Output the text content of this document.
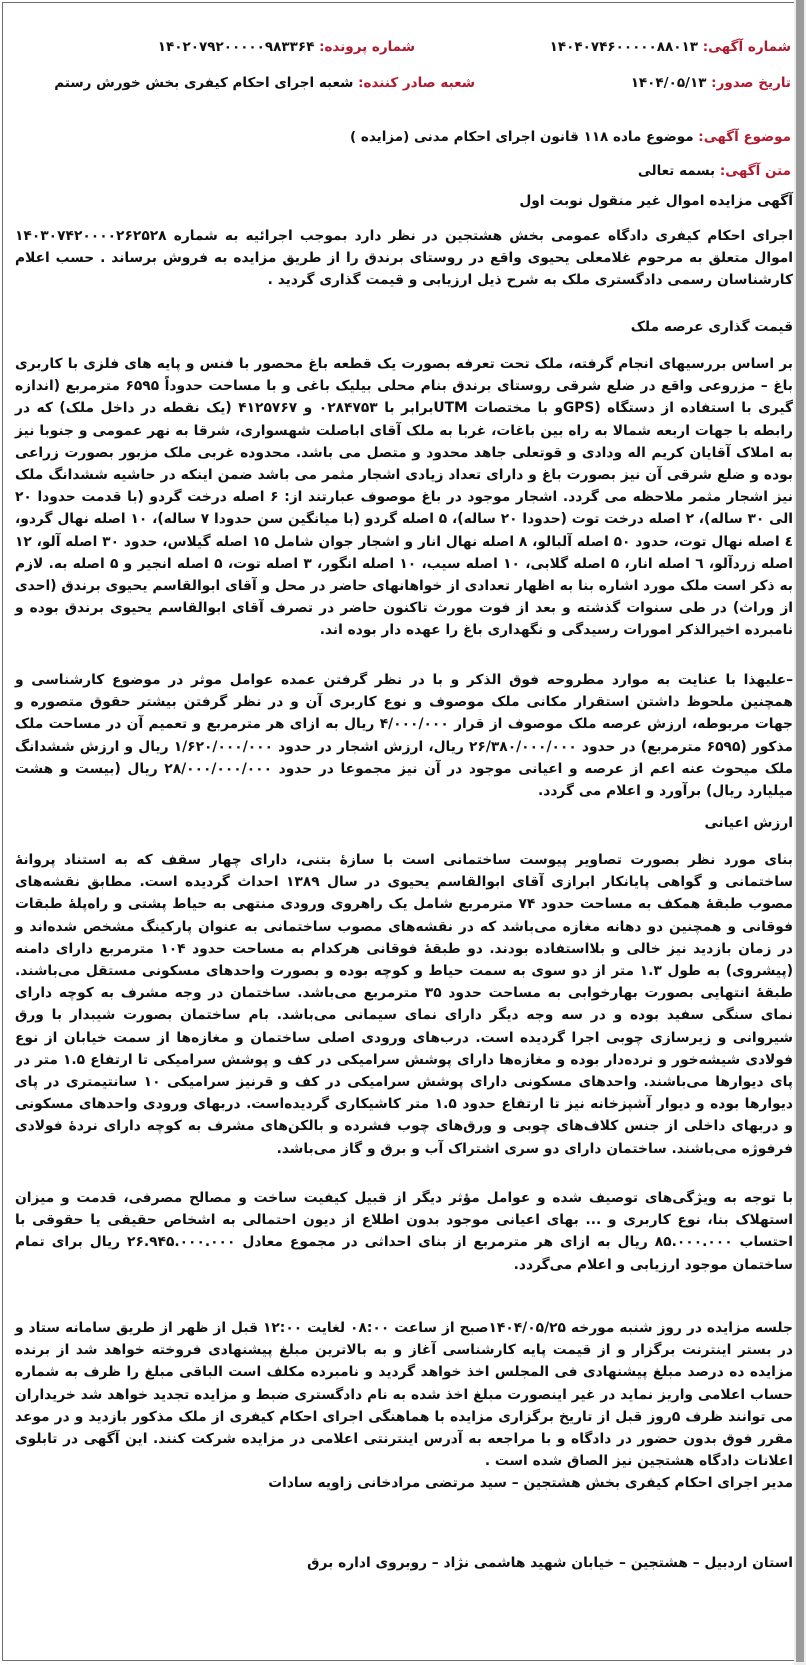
شماره آگهی: ۱۴۰۴۰۷۴۶۰۰۰۰۰۸۸۰۱۳
شماره پرونده: ۱۴۰۲۰۷۹۲۰۰۰۰۰۹۸۳۳۶۴
تاریخ صدور: ۱۴۰۴/۰۵/۱۳
شعبه صادر کننده: شعبه اجرای احکام کیفری بخش خورش رستم
موضوع آگهی: موضوع ماده ۱۱۸ قانون اجرای احکام مدنی (مزایده )
متن آگهی: بسمه تعالی
آگهی مزایده اموال غیر منقول نوبت اول

اجرای احکام کیفری دادگاه عمومی بخش هشتجین در نظر دارد بموجب اجرائیه به شماره ۱۴۰۳۰۷۴۲۰۰۰۰۲۶۲۵۲۸ اموال متعلق به مرحوم غلامعلی یحیوی واقع در روستای برندق را از طریق مزایده به فروش برساند . حسب اعلام کارشناسان رسمی دادگستری ملک به شرح ذیل ارزیابی و قیمت گذاری گردید .

قیمت گذاری عرصه ملک

بر اساس بررسیهای انجام گرفته، ملک تحت تعرفه بصورت یک قطعه باغ محصور با فنس و پایه های فلزی با کاربری باغ – مزروعی واقع در ضلع شرقی روستای برندق بنام محلی بیلیک باغی و با مساحت حدوداً ۶۵۹۵ مترمربع (اندازه گیری با استفاده از دستگاه (GPSو با مختصات UTMبرابر با ۰۲۸۴۷۵۳ و ۴۱۲۵۷۶۷ (یک نقطه در داخل ملک) که در رابطه با جهات اربعه شمالا به راه بین باغات، غربا به ملک آقای اباصلت شهسواری، شرقا به نهر عمومی و جنوبا نیز به املاک آقایان کریم اله ودادی و قوتعلی جاهد محدود و متصل می باشد. محدوده غربی ملک مزبور بصورت زراعی بوده و ضلع شرقی آن نیز بصورت باغ و دارای تعداد زیادی اشجار مثمر می باشد ضمن اینکه در حاشیه ششدانگ ملک نیز اشجار مثمر ملاحظه می گردد. اشجار موجود در باغ موصوف عبارتند از: ۶ اصله درخت گردو (با قدمت حدودا ۲۰ الی ۳۰ ساله)، ۲ اصله درخت توت (حدودا ۲۰ ساله)، ۵ اصله گردو (با میانگین سن حدودا ۷ ساله)، ۱۰ اصله نهال گردو، ٤ اصله نهال توت، حدود ۵۰ اصله آلبالو، ۸ اصله نهال انار و اشجار جوان شامل ۱۵ اصله گیلاس، حدود ۳۰ اصله آلو، ۱۲ اصله زردآلو، ٦ اصله انار، ۵ اصله گلابی، ۱۰ اصله سیب، ۱۰ اصله انگور، ۳ اصله توت، ۵ اصله انجیر و ۵ اصله به. لازم به ذکر است ملک مورد اشاره بنا به اظهار تعدادی از خواهانهای حاضر در محل و آقای ابوالقاسم یحیوی برندق (احدی از وراث) در طی سنوات گذشته و بعد از فوت مورث تاکنون حاضر در تصرف آقای ابوالقاسم یحیوی برندق بوده و نامبرده اخیرالذکر امورات رسیدگی و نگهداری باغ را عهده دار بوده اند.

–علیهذا با عنایت به موارد مطروحه فوق الذکر و با در نظر گرفتن عمده عوامل موثر در موضوع کارشناسی و همچنین ملحوظ داشتن استقرار مکانی ملک موصوف و نوع کاربری آن و در نظر گرفتن بیشتر حقوق متصوره و جهات مربوطه، ارزش عرصه ملک موصوف از قرار ۴/۰۰۰/۰۰۰ ریال به ازای هر مترمربع و تعمیم آن در مساحت ملک مذکور (۶۵۹۵ مترمربع) در حدود ۲۶/۳۸۰/۰۰۰/۰۰۰ ریال، ارزش اشجار در حدود ۱/۶۲۰/۰۰۰/۰۰۰ ریال و ارزش ششدانگ ملک میحوث عنه اعم از عرصه و اعیانی موجود در آن نیز مجموعا در حدود ۲۸/۰۰۰/۰۰۰/۰۰۰ ریال (بیست و هشت میلیارد ریال) برآورد و اعلام می گردد.

ارزش اعیانی

بنای مورد نظر بصورت تصاویر پیوست ساختمانی است با سازهٔ بتنی، دارای چهار سقف که به استناد پروانهٔ ساختمانی و گواهی پایانکار ابرازی آقای ابوالقاسم یحیوی در سال ۱۳۸۹ احداث گردیده است. مطابق نقشه‌های مصوب طبقهٔ همکف به مساحت حدود ۷۴ مترمربع شامل یک راهروی ورودی منتهی به حیاط پشتی و راه‌پلهٔ طبقات فوقانی و همچنین دو دهانه مغازه می‌باشد که در نقشه‌های مصوب ساختمانی به عنوان پارکینگ مشخص شده‌اند و در زمان بازدید نیز خالی و بلااستفاده بودند. دو طبقهٔ فوقانی هرکدام به مساحت حدود ۱۰۴ مترمربع دارای دامنه (پیشروی) به طول ۱.۳ متر از دو سوی به سمت حیاط و کوچه بوده و بصورت واحدهای مسکونی مستقل می‌باشند. طبقهٔ انتهایی بصورت بهارخوابی به مساحت حدود ۳۵ مترمربع می‌باشد. ساختمان در وجه مشرف به کوچه دارای نمای سنگی سفید بوده و در سه وجه دیگر دارای نمای سیمانی می‌باشد. بام ساختمان بصورت شیبدار با ورق شیروانی و زیرسازی چوبی اجرا گردیده است. درب‌های ورودی اصلی ساختمان و مغازه‌ها از سمت خیابان از نوع فولادی شیشه‌خور و نرده‌دار بوده و مغازه‌ها دارای پوشش سرامیکی در کف و پوشش سرامیکی تا ارتفاع ۱.۵ متر در پای دیوارها می‌باشند. واحدهای مسکونی دارای پوشش سرامیکی در کف و قرنیز سرامیکی ۱۰ سانتیمتری در پای دیوارها بوده و دیوار آشپزخانه نیز تا ارتفاع حدود ۱.۵ متر کاشیکاری گردیده‌است. دربهای ورودی واحدهای مسکونی و دربهای داخلی از جنس کلاف‌های چوبی و ورق‌های چوب فشرده و بالکن‌های مشرف به کوچه دارای نردهٔ فولادی فرفوژه می‌باشند. ساختمان دارای دو سری اشتراک آب و برق و گاز می‌باشد.

با توجه به ویژگی‌های توصیف شده و عوامل مؤثر دیگر از قبیل کیفیت ساخت و مصالح مصرفی، قدمت و میزان استهلاک بنا، نوع کاربری و ... بهای اعیانی موجود بدون اطلاع از دیون احتمالی به اشخاص حقیقی یا حقوقی با احتساب ۸۵.۰۰۰.۰۰۰ ریال به ازای هر مترمربع از بنای احداثی در مجموع معادل ۲۶.۹۴۵.۰۰۰.۰۰۰ ریال برای تمام ساختمان موجود ارزیابی و اعلام می‌گردد.

جلسه مزایده در روز شنبه مورخه ۱۴۰۴/۰۵/۲۵صبح از ساعت ۰۸:۰۰ لغایت ۱۲:۰۰ قبل از ظهر از طریق سامانه ستاد و در بستر اینترنت برگزار و از قیمت پایه کارشناسی آغاز و به بالاترین مبلغ پیشنهادی فروخته خواهد شد از برنده مزایده ده درصد مبلغ پیشنهادی فی المجلس اخذ خواهد گردید و نامبرده مکلف است الباقی مبلغ را ظرف به شماره حساب اعلامی واریز نماید در غیر اینصورت مبلغ اخذ شده به نام دادگستری ضبط و مزایده تجدید خواهد شد خریداران می توانند ظرف ۵روز قبل از تاریخ برگزاری مزایده با هماهنگی اجرای احکام کیفری از ملک مذکور بازدید و در موعد مقرر فوق بدون حضور در دادگاه و با مراجعه به آدرس اینترنتی اعلامی در مزایده شرکت کنند. این آگهی در تابلوی اعلانات دادگاه هشتجین نیز الصاق شده است .

مدیر اجرای احکام کیفری بخش هشتجین – سید مرتضی مرادخانی زاویه سادات
استان اردبیل – هشتجین – خیابان شهید هاشمی نژاد – روبروی اداره برق
